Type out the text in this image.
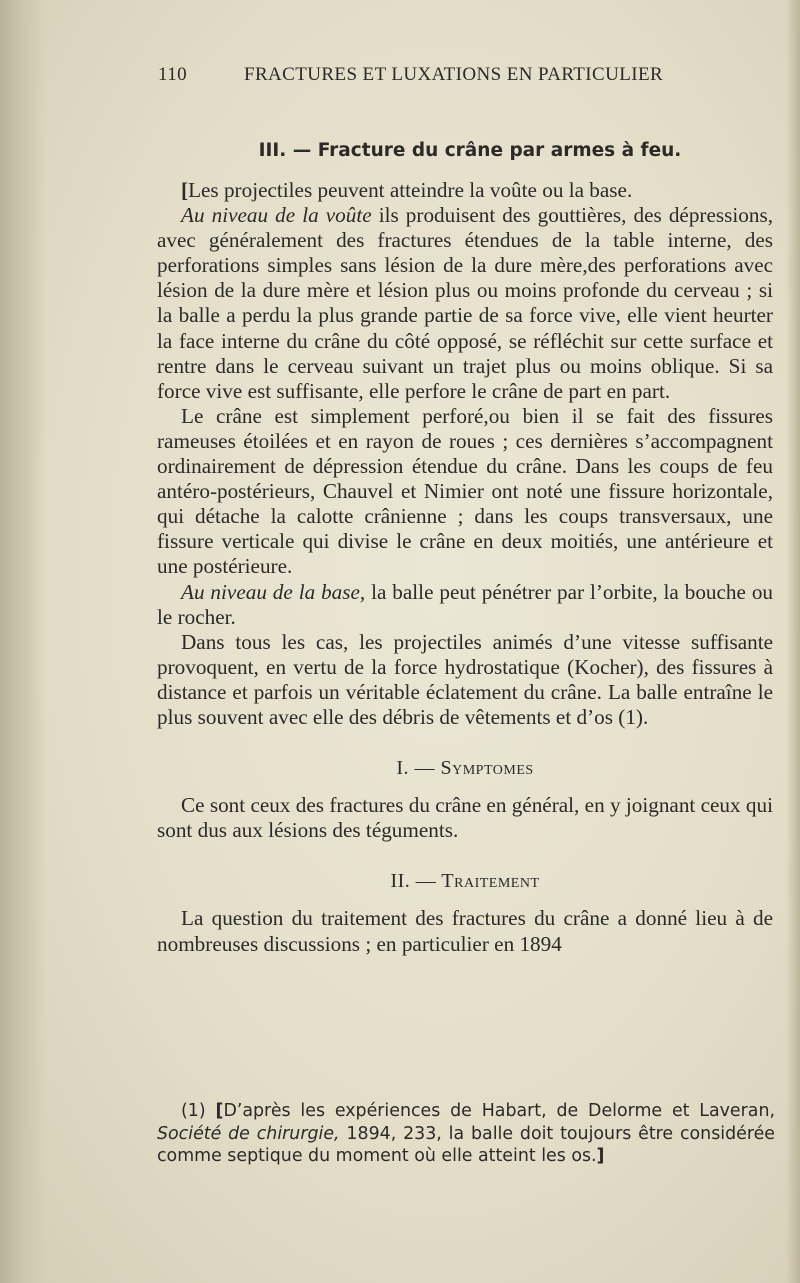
110	FRACTURES ET LUXATIONS EN PARTICULIER
III. — Fracture du crâne par armes à feu.

[Les projectiles peuvent atteindre la voûte ou la base.

Au niveau de la voûte ils produisent des gouttières, des dépressions, avec généralement des fractures étendues de la table interne, des perforations simples sans lésion de la dure mère,des perforations avec lésion de la dure mère et lésion plus ou moins profonde du cerveau ; si la balle a perdu la plus grande partie de sa force vive, elle vient heurter la face interne du crâne du côté opposé, se réfléchit sur cette surface et rentre dans le cerveau suivant un trajet plus ou moins oblique. Si sa force vive est suffisante, elle perfore le crâne de part en part.

Le crâne est simplement perforé,ou bien il se fait des fissures rameuses étoilées et en rayon de roues ; ces dernières s’accompagnent ordinairement de dépression étendue du crâne. Dans les coups de feu antéro-postérieurs, Chauvel et Nimier ont noté une fissure horizontale, qui détache la calotte crânienne ; dans les coups transversaux, une fissure verticale qui divise le crâne en deux moitiés, une antérieure et une postérieure.

Au niveau de la base, la balle peut pénétrer par l’orbite, la bouche ou le rocher.

Dans tous les cas, les projectiles animés d’une vitesse suffisante provoquent, en vertu de la force hydrostatique (Kocher), des fissures à distance et parfois un véritable éclatement du crâne. La balle entraîne le plus souvent avec elle des débris de vêtements et d’os (1).

I. — Symptomes

Ce sont ceux des fractures du crâne en général, en y joignant ceux qui sont dus aux lésions des téguments.

II. — Traitement

La question du traitement des fractures du crâne a donné lieu à de nombreuses discussions ; en particulier en 1894

(1) [D’après les expériences de Habart, de Delorme et Laveran, Société de chirurgie, 1894, 233, la balle doit toujours être considérée comme septique du moment où elle atteint les os.]
